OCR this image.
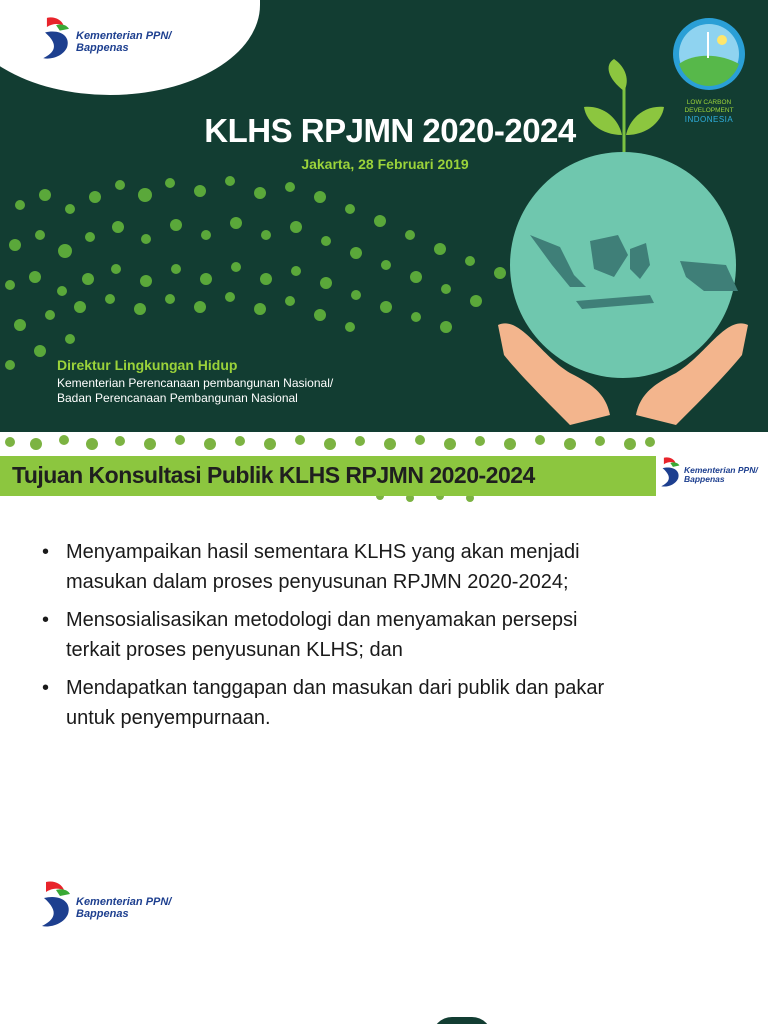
Kementerian PPN/
Bappenas
KLHS RPJMN 2020-2024
Jakarta, 28 Februari 2019
LOW CARBON
DEVELOPMENT
INDONESIA
Direktur Lingkungan Hidup
Kementerian Perencanaan pembangunan Nasional/
Badan Perencanaan Pembangunan Nasional
Tujuan Konsultasi Publik KLHS RPJMN 2020-2024	Kementerian PPN/
Bappenas
• Menyampaikan hasil sementara KLHS yang akan menjadi
masukan dalam proses penyusunan RPJMN 2020-2024;
• Mensosialisasikan metodologi dan menyamakan persepsi
terkait proses penyusunan KLHS; dan
• Mendapatkan tanggapan dan masukan dari publik dan pakar
untuk penyempurnaan.
Kementerian PPN/
Bappenas
